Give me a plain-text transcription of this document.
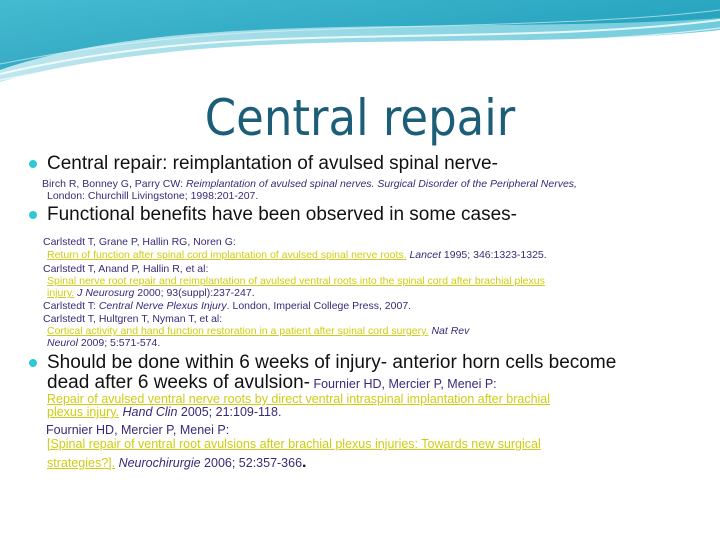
Central repair
Central repair: reimplantation of avulsed spinal nerve-
Birch R, Bonney G, Parry CW: Reimplantation of avulsed spinal nerves. Surgical Disorder of the Peripheral Nerves,
London: Churchill Livingstone; 1998:201-207.
Functional benefits have been observed in some cases-
Carlstedt T, Grane P, Hallin RG, Noren G:
Return of function after spinal cord implantation of avulsed spinal nerve roots. Lancet 1995; 346:1323-1325.
Carlstedt T, Anand P, Hallin R, et al:
Spinal nerve root repair and reimplantation of avulsed ventral roots into the spinal cord after brachial plexus
injury. J Neurosurg 2000; 93(suppl):237-247.
Carlstedt T: Central Nerve Plexus Injury. London, Imperial College Press, 2007.
Carlstedt T, Hultgren T, Nyman T, et al:
Cortical activity and hand function restoration in a patient after spinal cord surgery. Nat Rev
Neurol 2009; 5:571-574.
Should be done within 6 weeks of injury- anterior horn cells become
dead after 6 weeks of avulsion- Fournier HD, Mercier P, Menei P:
Repair of avulsed ventral nerve roots by direct ventral intraspinal implantation after brachial
plexus injury. Hand Clin 2005; 21:109-118.
Fournier HD, Mercier P, Menei P:
[Spinal repair of ventral root avulsions after brachial plexus injuries: Towards new surgical
strategies?]. Neurochirurgie 2006; 52:357-366.
